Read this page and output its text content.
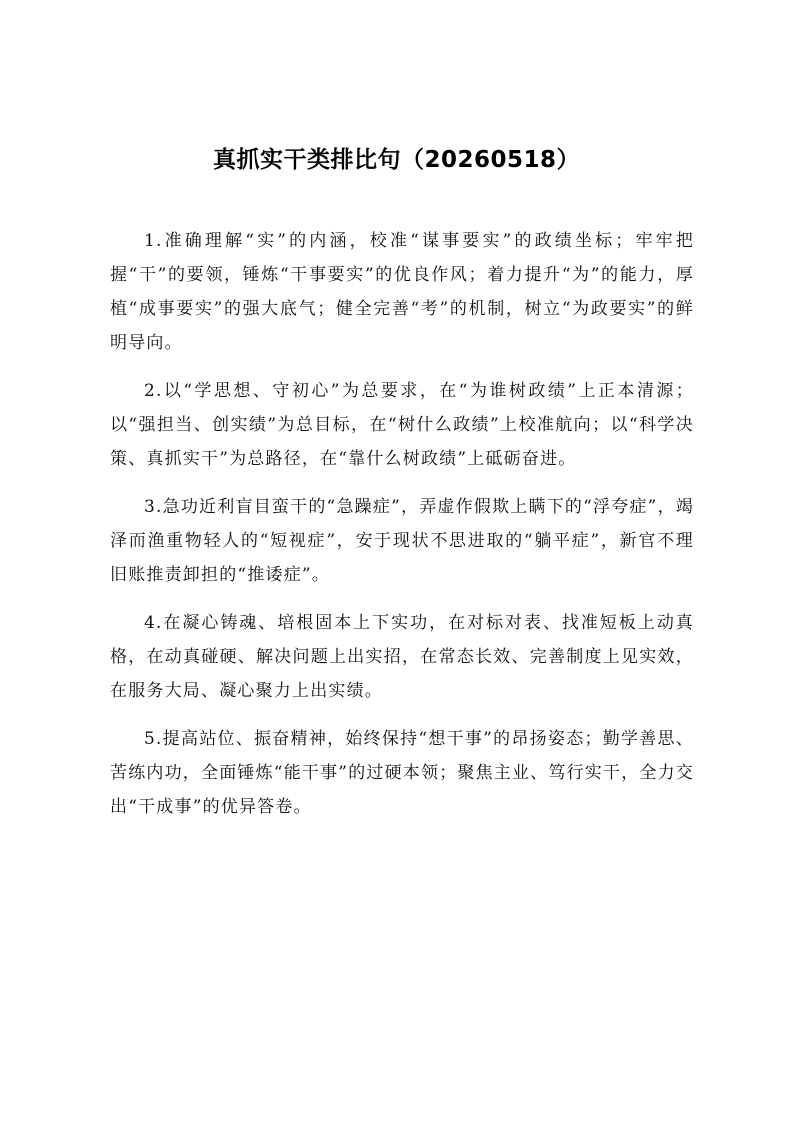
真抓实干类排比句（20260518）

1.准确理解“实”的内涵，校准“谋事要实”的政绩坐标；牢牢把握“干”的要领，锤炼“干事要实”的优良作风；着力提升“为”的能力，厚植“成事要实”的强大底气；健全完善“考”的机制，树立“为政要实”的鲜明导向。

2.以“学思想、守初心”为总要求，在“为谁树政绩”上正本清源；以“强担当、创实绩”为总目标，在“树什么政绩”上校准航向；以“科学决策、真抓实干”为总路径，在“靠什么树政绩”上砥砺奋进。

3.急功近利盲目蛮干的“急躁症”，弄虚作假欺上瞒下的“浮夸症”，竭泽而渔重物轻人的“短视症”，安于现状不思进取的“躺平症”，新官不理旧账推责卸担的“推诿症”。

4.在凝心铸魂、培根固本上下实功，在对标对表、找准短板上动真格，在动真碰硬、解决问题上出实招，在常态长效、完善制度上见实效，在服务大局、凝心聚力上出实绩。

5.提高站位、振奋精神，始终保持“想干事”的昂扬姿态；勤学善思、苦练内功，全面锤炼“能干事”的过硬本领；聚焦主业、笃行实干，全力交出“干成事”的优异答卷。
